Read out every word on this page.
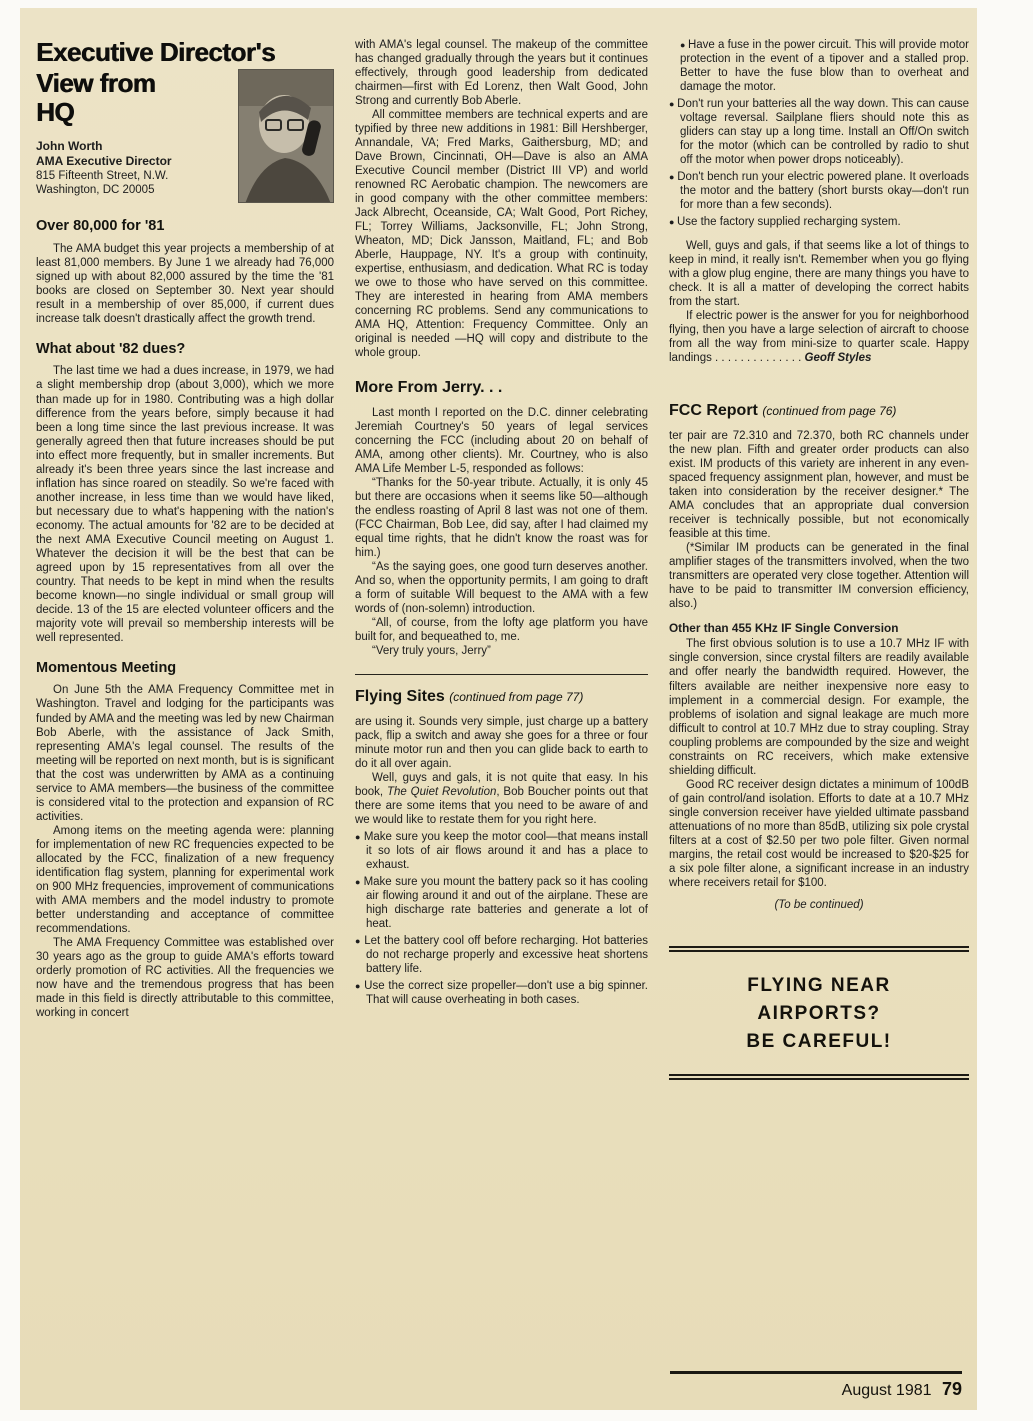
Executive Director's
View from
HQ
John Worth
AMA Executive Director
815 Fifteenth Street, N.W.
Washington, DC 20005
Over 80,000 for '81

The AMA budget this year projects a membership of at least 81,000 members. By June 1 we already had 76,000 signed up with about 82,000 assured by the time the '81 books are closed on September 30. Next year should result in a membership of over 85,000, if current dues increase talk doesn't drastically affect the growth trend.

What about '82 dues?

The last time we had a dues increase, in 1979, we had a slight membership drop (about 3,000), which we more than made up for in 1980. Contributing was a high dollar difference from the years before, simply because it had been a long time since the last previous increase. It was generally agreed then that future increases should be put into effect more frequently, but in smaller increments. But already it's been three years since the last increase and inflation has since roared on steadily. So we're faced with another increase, in less time than we would have liked, but necessary due to what's happening with the nation's economy. The actual amounts for '82 are to be decided at the next AMA Executive Council meeting on August 1. Whatever the decision it will be the best that can be agreed upon by 15 representatives from all over the country. That needs to be kept in mind when the results become known—no single individual or small group will decide. 13 of the 15 are elected volunteer officers and the majority vote will prevail so membership interests will be well represented.

Momentous Meeting

On June 5th the AMA Frequency Committee met in Washington. Travel and lodging for the participants was funded by AMA and the meeting was led by new Chairman Bob Aberle, with the assistance of Jack Smith, representing AMA's legal counsel. The results of the meeting will be reported on next month, but is is significant that the cost was underwritten by AMA as a continuing service to AMA members—the business of the committee is considered vital to the protection and expansion of RC activities.

Among items on the meeting agenda were: planning for implementation of new RC frequencies expected to be allocated by the FCC, finalization of a new frequency identification flag system, planning for experimental work on 900 MHz frequencies, improvement of communications with AMA members and the model industry to promote better understanding and acceptance of committee recommendations.

The AMA Frequency Committee was established over 30 years ago as the group to guide AMA's efforts toward orderly promotion of RC activities. All the frequencies we now have and the tremendous progress that has been made in this field is directly attributable to this committee, working in concert

with AMA's legal counsel. The makeup of the committee has changed gradually through the years but it continues effectively, through good leadership from dedicated chairmen—first with Ed Lorenz, then Walt Good, John Strong and currently Bob Aberle.

All committee members are technical experts and are typified by three new additions in 1981: Bill Hershberger, Annandale, VA; Fred Marks, Gaithersburg, MD; and Dave Brown, Cincinnati, OH—Dave is also an AMA Executive Council member (District III VP) and world renowned RC Aerobatic champion. The newcomers are in good company with the other committee members: Jack Albrecht, Oceanside, CA; Walt Good, Port Richey, FL; Torrey Williams, Jacksonville, FL; John Strong, Wheaton, MD; Dick Jansson, Maitland, FL; and Bob Aberle, Hauppage, NY. It's a group with continuity, expertise, enthusiasm, and dedication. What RC is today we owe to those who have served on this committee. They are interested in hearing from AMA members concerning RC problems. Send any communications to AMA HQ, Attention: Frequency Committee. Only an original is needed —HQ will copy and distribute to the whole group.

More From Jerry. . .

Last month I reported on the D.C. dinner celebrating Jeremiah Courtney's 50 years of legal services concerning the FCC (including about 20 on behalf of AMA, among other clients). Mr. Courtney, who is also AMA Life Member L-5, responded as follows:

“Thanks for the 50-year tribute. Actually, it is only 45 but there are occasions when it seems like 50—although the endless roasting of April 8 last was not one of them. (FCC Chairman, Bob Lee, did say, after I had claimed my equal time rights, that he didn't know the roast was for him.)

“As the saying goes, one good turn deserves another. And so, when the opportunity permits, I am going to draft a form of suitable Will bequest to the AMA with a few words of (non-solemn) introduction.

“All, of course, from the lofty age platform you have built for, and bequeathed to, me.

“Very truly yours, Jerry”

Flying Sites (continued from page 77)

are using it. Sounds very simple, just charge up a battery pack, flip a switch and away she goes for a three or four minute motor run and then you can glide back to earth to do it all over again.

Well, guys and gals, it is not quite that easy. In his book, The Quiet Revolution, Bob Boucher points out that there are some items that you need to be aware of and we would like to restate them for you right here.

● Make sure you keep the motor cool—that means install it so lots of air flows around it and has a place to exhaust.

● Make sure you mount the battery pack so it has cooling air flowing around it and out of the airplane. These are high discharge rate batteries and generate a lot of heat.

● Let the battery cool off before recharging. Hot batteries do not recharge properly and excessive heat shortens battery life.

● Use the correct size propeller—don't use a big spinner. That will cause overheating in both cases.

● Have a fuse in the power circuit. This will provide motor protection in the event of a tipover and a stalled prop. Better to have the fuse blow than to overheat and damage the motor.

● Don't run your batteries all the way down. This can cause voltage reversal. Sailplane fliers should note this as gliders can stay up a long time. Install an Off/On switch for the motor (which can be controlled by radio to shut off the motor when power drops noticeably).

● Don't bench run your electric powered plane. It overloads the motor and the battery (short bursts okay—don't run for more than a few seconds).

● Use the factory supplied recharging system.

Well, guys and gals, if that seems like a lot of things to keep in mind, it really isn't. Remember when you go flying with a glow plug engine, there are many things you have to check. It is all a matter of developing the correct habits from the start.

If electric power is the answer for you for neighborhood flying, then you have a large selection of aircraft to choose from all the way from mini-size to quarter scale. Happy landings . . . . . . . . . . . . . . Geoff Styles

FCC Report (continued from page 76)

ter pair are 72.310 and 72.370, both RC channels under the new plan. Fifth and greater order products can also exist. IM products of this variety are inherent in any even-spaced frequency assignment plan, however, and must be taken into consideration by the receiver designer.* The AMA concludes that an appropriate dual conversion receiver is technically possible, but not economically feasible at this time.

(*Similar IM products can be generated in the final amplifier stages of the transmitters involved, when the two transmitters are operated very close together. Attention will have to be paid to transmitter IM conversion efficiency, also.)

Other than 455 KHz IF Single Conversion

The first obvious solution is to use a 10.7 MHz IF with single conversion, since crystal filters are readily available and offer nearly the bandwidth required. However, the filters available are neither inexpensive nore easy to implement in a commercial design. For example, the problems of isolation and signal leakage are much more difficult to control at 10.7 MHz due to stray coupling. Stray coupling problems are compounded by the size and weight constraints on RC receivers, which make extensive shielding difficult.

Good RC receiver design dictates a minimum of 100dB of gain control/and isolation. Efforts to date at a 10.7 MHz single conversion receiver have yielded ultimate passband attenuations of no more than 85dB, utilizing six pole crystal filters at a cost of $2.50 per two pole filter. Given normal margins, the retail cost would be increased to $20-$25 for a six pole filter alone, a significant increase in an industry where receivers retail for $100.

(To be continued)

FLYING NEAR
AIRPORTS?
BE CAREFUL!
August 1981 79
